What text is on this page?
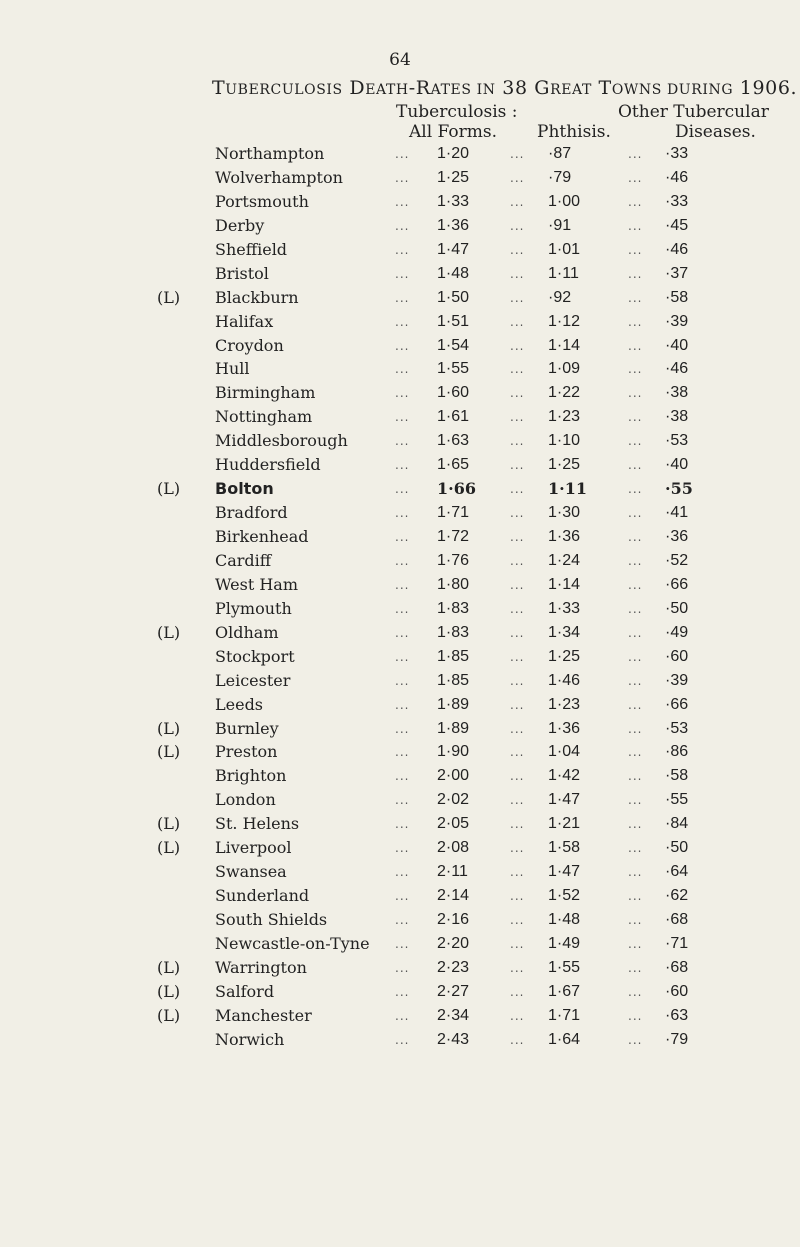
64
TUBERCULOSIS DEATH-RATES IN 38 GREAT TOWNS DURING 1906.
Tuberculosis :
All Forms. Phthisis.
Other Tubercular
Diseases.
Northampton	... 1·20	... ·87	... ·33
Wolverhampton	... 1·25	... ·79	... ·46
Portsmouth	... 1·33	... 1·00	... ·33
Derby	... 1·36	... ·91	... ·45
Sheffield	... 1·47	... 1·01	... ·46
Bristol	... 1·48	... 1·11	... ·37
(L) Blackburn	... 1·50	... ·92	... ·58
Halifax	... 1·51	... 1·12	... ·39
Croydon	... 1·54	... 1·14	... ·40
Hull	... 1·55	... 1·09	... ·46
Birmingham	... 1·60	... 1·22	... ·38
Nottingham	... 1·61	... 1·23	... ·38
Middlesborough	... 1·63	... 1·10	... ·53
Huddersfield	... 1·65	... 1·25	... ·40
(L) Bolton	... 1·66	... 1·11	... ·55
Bradford	... 1·71	... 1·30	... ·41
Birkenhead	... 1·72	... 1·36	... ·36
Cardiff	... 1·76	... 1·24	... ·52
West Ham	... 1·80	... 1·14	... ·66
Plymouth	... 1·83	... 1·33	... ·50
(L) Oldham	... 1·83	... 1·34	... ·49
Stockport	... 1·85	... 1·25	... ·60
Leicester	... 1·85	... 1·46	... ·39
Leeds	... 1·89	... 1·23	... ·66
(L) Burnley	... 1·89	... 1·36	... ·53
(L) Preston	... 1·90	... 1·04	... ·86
Brighton	... 2·00	... 1·42	... ·58
London	... 2·02	... 1·47	... ·55
(L) St. Helens	... 2·05	... 1·21	... ·84
(L) Liverpool	... 2·08	... 1·58	... ·50
Swansea	... 2·11	... 1·47	... ·64
Sunderland	... 2·14	... 1·52	... ·62
South Shields	... 2·16	... 1·48	... ·68
Newcastle-on-Tyne ... 2·20	... 1·49	... ·71
(L) Warrington	... 2·23	... 1·55	... ·68
(L) Salford	... 2·27	... 1·67	... ·60
(L) Manchester	... 2·34	... 1·71	... ·63
Norwich	... 2·43	... 1·64	... ·79
